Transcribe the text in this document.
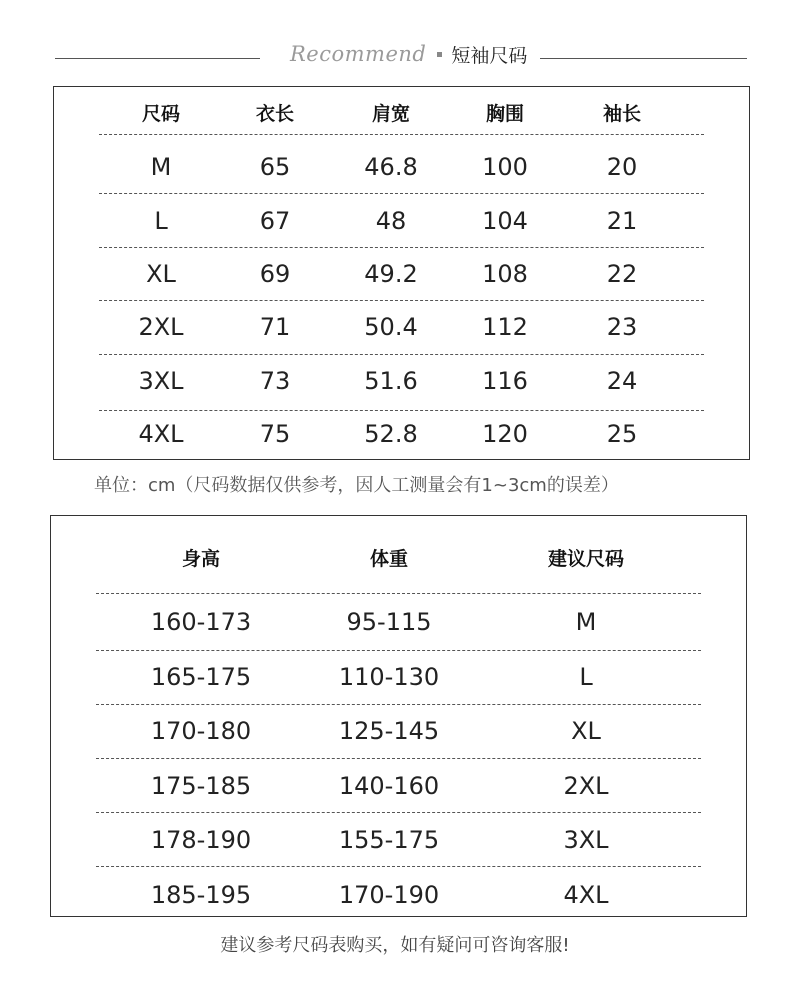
Recommend 短袖尺码
尺码	衣长	肩宽	胸围	袖长
M	65	46.8	100	20
L	67	48	104	21
XL	69	49.2	108	22
2XL	71	50.4	112	23
3XL	73	51.6	116	24
4XL	75	52.8	120	25
单位：cm（尺码数据仅供参考，因人工测量会有1~3cm的误差）
身高	体重	建议尺码
160-173	95-115	M
165-175	110-130	L
170-180	125-145	XL
175-185	140-160	2XL
178-190	155-175	3XL
185-195	170-190	4XL
建议参考尺码表购买，如有疑问可咨询客服!
